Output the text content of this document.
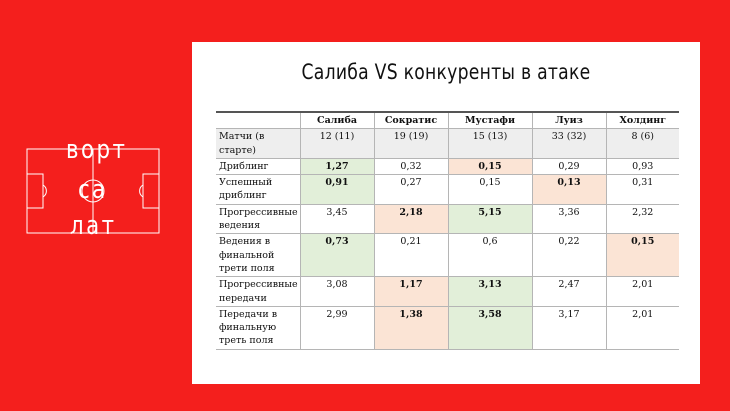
ворт
са
лат
Салиба VS конкуренты в атаке
	Салиба	Сократис	Мустафи	Луиз	Холдинг
Матчи (в старте)	12 (11)	19 (19)	15 (13)	33 (32)	8 (6)
Дриблинг	1,27	0,32	0,15	0,29	0,93
Успешный дриблинг	0,91	0,27	0,15	0,13	0,31
Прогрессивные ведения	3,45	2,18	5,15	3,36	2,32
Ведения в финальной трети поля	0,73	0,21	0,6	0,22	0,15
Прогрессивные передачи	3,08	1,17	3,13	2,47	2,01
Передачи в финальную треть поля	2,99	1,38	3,58	3,17	2,01
